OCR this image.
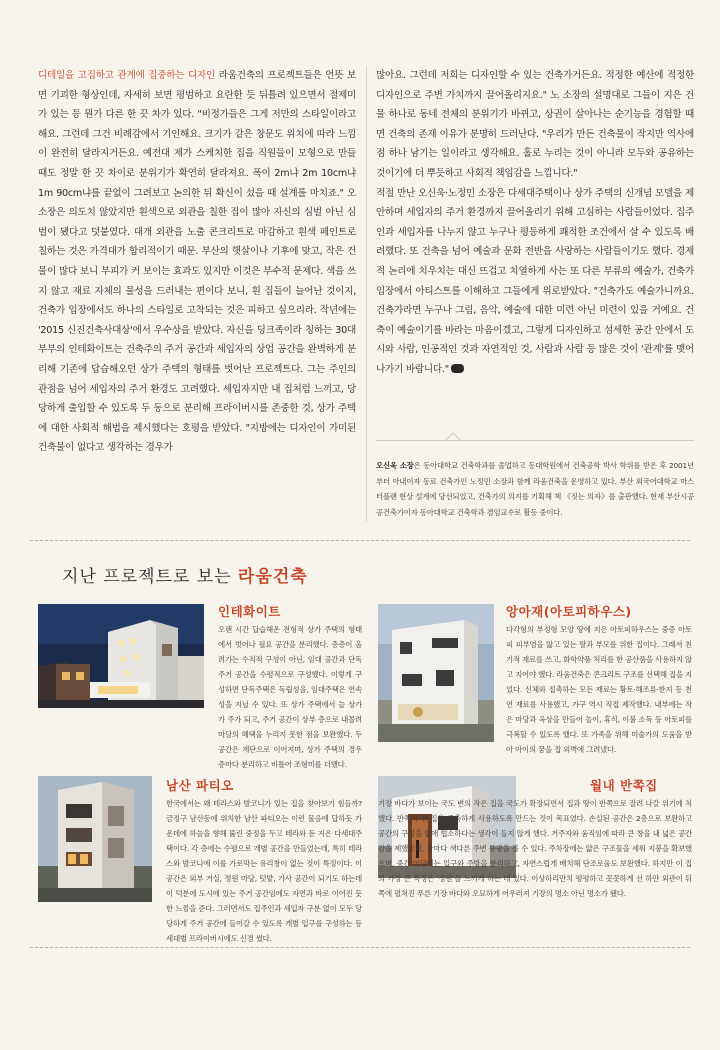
디테일을 고집하고 관계에 집중하는 디자인 라움건축의 프로젝트들은 언뜻 보면 기괴한 형상인데, 자세히 보면 평범하고 요란한 듯 뒤틀려 있으면서 절제미가 있는 등 뭔가 다른 한 끗 차가 있다. "비정가들은 그게 저만의 스타일이라고 해요. 그런데 그건 비례감에서 기인해요. 크기가 같은 창문도 위치에 따라 느낌이 완전히 달라지거든요. 예전대 제가 스케치한 집을 직원들이 모형으로 만들 때도 정말 한 끗 차이로 분위기가 확연히 달라져요. 폭이 2m냐 2m 10cm냐 1m 90cm냐를 끝없이 그려보고 논의한 뒤 확신이 섰을 때 설계를 마치죠." 오 소장은 의도치 않았지만 흰색으로 외관을 칠한 집이 많아 자신의 심벌 아닌 심벌이 됐다고 덧붙였다. 대개 외관을 노출 콘크리트로 마감하고 흰색 페인트로 칠하는 것은 가격대가 합리적이기 때문. 부산의 햇살이나 기후에 맞고, 작은 건물이 많다 보니 부피가 커 보이는 효과도 있지만 이것은 부수적 문제다. 색을 쓰지 않고 재료 자체의 물성을 드러내는 편이다 보니, 흰 집들이 늘어난 것이지, 건축가 입장에서도 하나의 스타일로 고착되는 것은 피하고 싶으리라. 작년에는 '2015 신진건축사대상'에서 우수상을 받았다. 자신을 딩크족이라 칭하는 30대 부부의 인테화이트는 건축주의 주거 공간과 세입자의 상업 공간을 완벽하게 분리해 기존에 답습해오던 상가 주택의 형태를 벗어난 프로젝트다. 그는 주인의 관점을 넘어 세입자의 주거 환경도 고려했다. 세입자지만 내 집처럼 느끼고, 당당하게 출입할 수 있도록 두 동으로 분리해 프라이버시를 존중한 것, 상가 주택에 대한 사회적 해법을 제시했다는 호평을 받았다. "지방에는 디자인이 가미된 건축물이 없다고 생각하는 경우가

많아요. 그런데 저희는 디자인할 수 있는 건축가거든요. 적정한 예산에 적정한 디자인으로 주변 가치까지 끌어올리지요." 노 소장의 설명대로 그들이 지은 건물 하나로 동네 전체의 분위기가 바뀌고, 상권이 살아나는 순기능을 경험할 때면 건축의 존재 이유가 분명히 드러난다. "우리가 만든 건축물이 작지만 역사에 점 하나 남기는 일이라고 생각해요. 홀로 누리는 것이 아니라 모두와 공유하는 것이기에 더 뿌듯하고 사회적 책임감을 느낍니다."

적절 만난 오신욱·노정민 소장은 다세대주택이나 상가 주택의 신개념 모델을 제안하며 세입자의 주거 환경까지 끌어올리기 위해 고심하는 사람들이었다. 집주인과 세입자를 나누지 않고 누구나 평등하게 쾌적한 조건에서 살 수 있도록 배려했다. 또 건축을 넘어 예술과 문화 전반을 사랑하는 사람들이기도 했다. 경제적 논리에 치우치는 대신 뜨겁고 치열하게 사는 또 다른 부류의 예술가, 건축가 입장에서 아티스트를 이해하고 그들에게 위로받았다. "건축가도 예술가니까요. 건축가라면 누구나 그림, 음악, 예술에 대한 미련 아닌 미련이 있을 거예요. 건축이 예술이기를 바라는 마음이겠고, 그렇게 디자인하고 섬세한 공간 안에서 도시와 사람, 인공적인 것과 자연적인 것, 사람과 사람 등 많은 것이 '관계'를 맺어나가기 바랍니다."

오신욱 소장은 동아대학교 건축학과를 졸업하고 동대학원에서 건축공학 박사 학위를 받은 후 2001년부터 아내이자 동료 건축가인 노정민 소장과 함께 라움건축을 운영하고 있다. 부산 외국어대학교 마스터플랜 현상 설계에 당선되었고, 건축가의 의지를 기획해 책 《짓는 의자》를 출판했다. 현재 부산시공공건축가이자 동아대학교 건축학과 겸임교수로 활동 중이다.
지난 프로젝트로 보는 라움건축
인테화이트
오랜 시간 답습해온 전형적 상가 주택의 형태에서 벗어나 필요 공간을 분리했다. 층층이 올려가는 수직적 구성이 아닌, 임대 공간과 단독 주거 공간을 수평적으로 구성했다. 이렇게 구성하면 단독주택은 독립성을, 임대주택은 연속성을 지닐 수 있다. 또 상가 주택에서 늘 상가가 주가 되고, 주거 공간이 상부 층으로 내몰려 마당의 혜택을 누리지 못한 점을 보완했다. 두 공간은 계단으로 이어지며, 상가 주택의 경우 층마다 분리하고 비틀어 조형미를 더했다.
앙아재(아토피하우스)
다각형의 부정형 모양 땅에 지은 아토피하우스는 중증 아토피 피부염을 앓고 있는 딸과 부모를 위한 집이다. 그래서 친기적 재료를 쓰고, 화학약품 처리를 한 공산품을 사용하지 않고 지어야 했다. 라움건축은 콘크리트 구조를 선택해 집을 지었다. 신체와 접촉하는 모든 재료는 황토·해조류·한지 등 천연 재료를 사용했고, 가구 역시 직접 제작했다. 내부에는 작은 마당과 옥상을 만들어 놀이, 휴식, 이불 소독 등 아토피를 극복할 수 있도록 했다. 또 가족을 위해 미술가의 도움을 받아 아이의 꿈을 집 외벽에 그려냈다.
남산 파티오
한국에서는 왜 테라스와 발코니가 있는 집을 찾아보기 힘들까? 금정구 남산동에 위치한 남산 파티오는 이런 물음에 답하듯 가운데에 하늘을 향해 뚫린 중정을 두고 테라와 둔 지은 다세대주택이다. 각 층에는 수평으로 개별 공간을 만들었는데, 특히 테라스와 발코니에 이를 가로막는 유리창이 없는 것이 특징이다. 이 공간은 외부 거실, 정원 마당, 텃밭, 가사 공간이 되기도 하는데 이 덕분에 도시에 있는 주거 공간임에도 자연과 바로 이어진 듯한 느낌을 준다. 그러면서도 집주인과 세입자 구분 없이 모두 당당하게 주거 공간에 들어갈 수 있도록 개별 입구를 구성하는 등 세대별 프라이버시에도 신경 썼다.
월내 반쪽집
기장 바다가 보이는 국도 변의 작은 집을 국도가 확장되면서 집과 땅이 반쪽으로 잘려 나갈 위기에 처했다. 반쪽이 된 집을 증축하게 사용하도록 만드는 것이 목표였다. 손실된 공간은 2층으로 보완하고 공간의 구성을 없애 협소하다는 생각이 들지 않게 했다. 거주자와 움직임에 따라 큰 창을 내 넓은 공간감을 제했으며, 창마다 색다른 주변 풍광을 볼 수 있다. 주차장에는 얇은 구조물을 세워 지붕을 확보했으며, 중간 마당에는 입구와 주방을 분리하고, 자연스럽게 배치해 단조로움도 보완했다. 하지만 이 집의 가장 큰 특징은 '정원'을 느끼게 하는 데 있다. 이상하리만치 평평하고 꼿꼿하게 선 하얀 외관이 뒤쪽에 펼쳐진 푸른 기장 바다와 오묘하게 어우러져 기장의 명소 아닌 명소가 됐다.
